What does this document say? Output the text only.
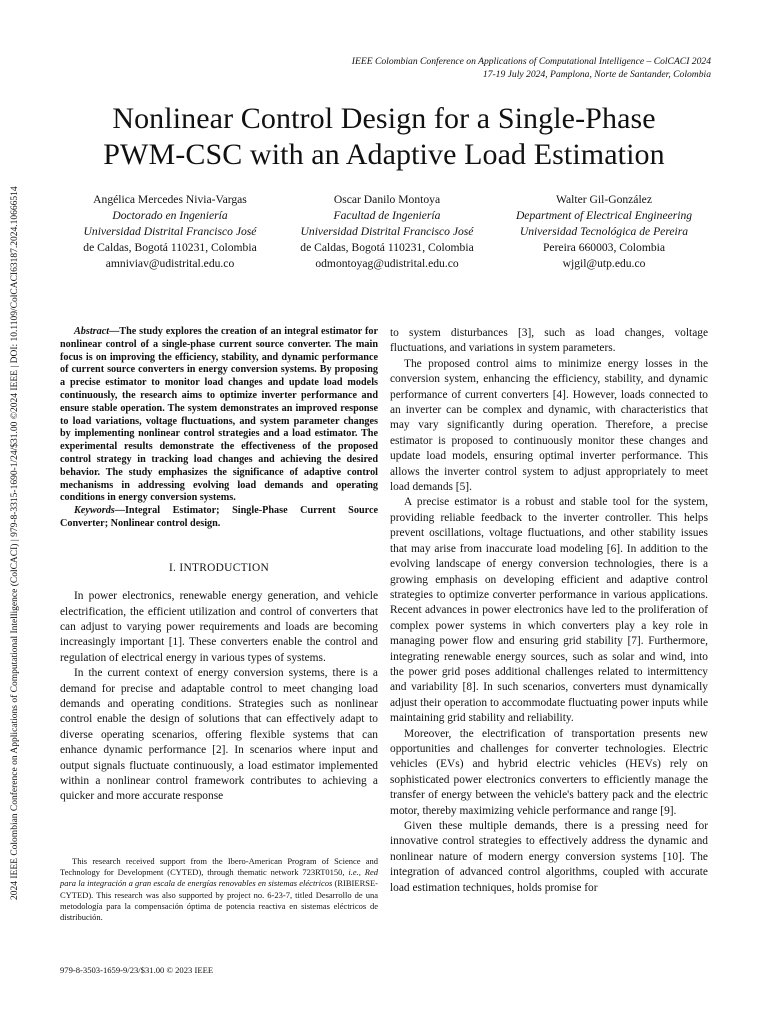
2024 IEEE Colombian Conference on Applications of Computational Intelligence (ColCACI) | 979-8-3315-1690-1/24/$31.00 ©2024 IEEE | DOI: 10.1109/ColCACI63187.2024.10666514
IEEE Colombian Conference on Applications of Computational Intelligence – ColCACI 2024
17-19 July 2024, Pamplona, Norte de Santander, Colombia
Nonlinear Control Design for a Single-Phase
PWM-CSC with an Adaptive Load Estimation
Angélica Mercedes Nivia-Vargas
Doctorado en Ingeniería
Universidad Distrital Francisco José
de Caldas, Bogotá 110231, Colombia
amniviav@udistrital.edu.co
Oscar Danilo Montoya
Facultad de Ingeniería
Universidad Distrital Francisco José
de Caldas, Bogotá 110231, Colombia
odmontoyag@udistrital.edu.co
Walter Gil-González
Department of Electrical Engineering
Universidad Tecnológica de Pereira
Pereira 660003, Colombia
wjgil@utp.edu.co

Abstract—The study explores the creation of an integral estimator for nonlinear control of a single-phase current source converter. The main focus is on improving the efficiency, stability, and dynamic performance of current source converters in energy conversion systems. By proposing a precise estimator to monitor load changes and update load models continuously, the research aims to optimize inverter performance and ensure stable operation. The system demonstrates an improved response to load variations, voltage fluctuations, and system parameter changes by implementing nonlinear control strategies and a load estimator. The experimental results demonstrate the effectiveness of the proposed control strategy in tracking load changes and achieving the desired behavior. The study emphasizes the significance of adaptive control mechanisms in addressing evolving load demands and operating conditions in energy conversion systems.

Keywords—Integral Estimator; Single-Phase Current Source Converter; Nonlinear control design.

I. INTRODUCTION

In power electronics, renewable energy generation, and vehicle electrification, the efficient utilization and control of converters that can adjust to varying power requirements and loads are becoming increasingly important [1]. These converters enable the control and regulation of electrical energy in various types of systems.

In the current context of energy conversion systems, there is a demand for precise and adaptable control to meet changing load demands and operating conditions. Strategies such as nonlinear control enable the design of solutions that can effectively adapt to diverse operating scenarios, offering flexible systems that can enhance dynamic performance [2]. In scenarios where input and output signals fluctuate continuously, a load estimator implemented within a nonlinear control framework contributes to achieving a quicker and more accurate response

to system disturbances [3], such as load changes, voltage fluctuations, and variations in system parameters.

The proposed control aims to minimize energy losses in the conversion system, enhancing the efficiency, stability, and dynamic performance of current converters [4]. However, loads connected to an inverter can be complex and dynamic, with characteristics that may vary significantly during operation. Therefore, a precise estimator is proposed to continuously monitor these changes and update load models, ensuring optimal inverter performance. This allows the inverter control system to adjust appropriately to meet load demands [5].

A precise estimator is a robust and stable tool for the system, providing reliable feedback to the inverter controller. This helps prevent oscillations, voltage fluctuations, and other stability issues that may arise from inaccurate load modeling [6]. In addition to the evolving landscape of energy conversion technologies, there is a growing emphasis on developing efficient and adaptive control strategies to optimize converter performance in various applications. Recent advances in power electronics have led to the proliferation of complex power systems in which converters play a key role in managing power flow and ensuring grid stability [7]. Furthermore, integrating renewable energy sources, such as solar and wind, into the power grid poses additional challenges related to intermittency and variability [8]. In such scenarios, converters must dynamically adjust their operation to accommodate fluctuating power inputs while maintaining grid stability and reliability.

Moreover, the electrification of transportation presents new opportunities and challenges for converter technologies. Electric vehicles (EVs) and hybrid electric vehicles (HEVs) rely on sophisticated power electronics converters to efficiently manage the transfer of energy between the vehicle's battery pack and the electric motor, thereby maximizing vehicle performance and range [9].

Given these multiple demands, there is a pressing need for innovative control strategies to effectively address the dynamic and nonlinear nature of modern energy conversion systems [10]. The integration of advanced control algorithms, coupled with accurate load estimation techniques, holds promise for

This research received support from the Ibero-American Program of Science and Technology for Development (CYTED), through thematic network 723RT0150, i.e., Red para la integración a gran escala de energías renovables en sistemas eléctricos (RIBIERSE-CYTED). This research was also supported by project no. 6-23-7, titled Desarrollo de una metodología para la compensación óptima de potencia reactiva en sistemas eléctricos de distribución.

979-8-3503-1659-9/23/$31.00 © 2023 IEEE
